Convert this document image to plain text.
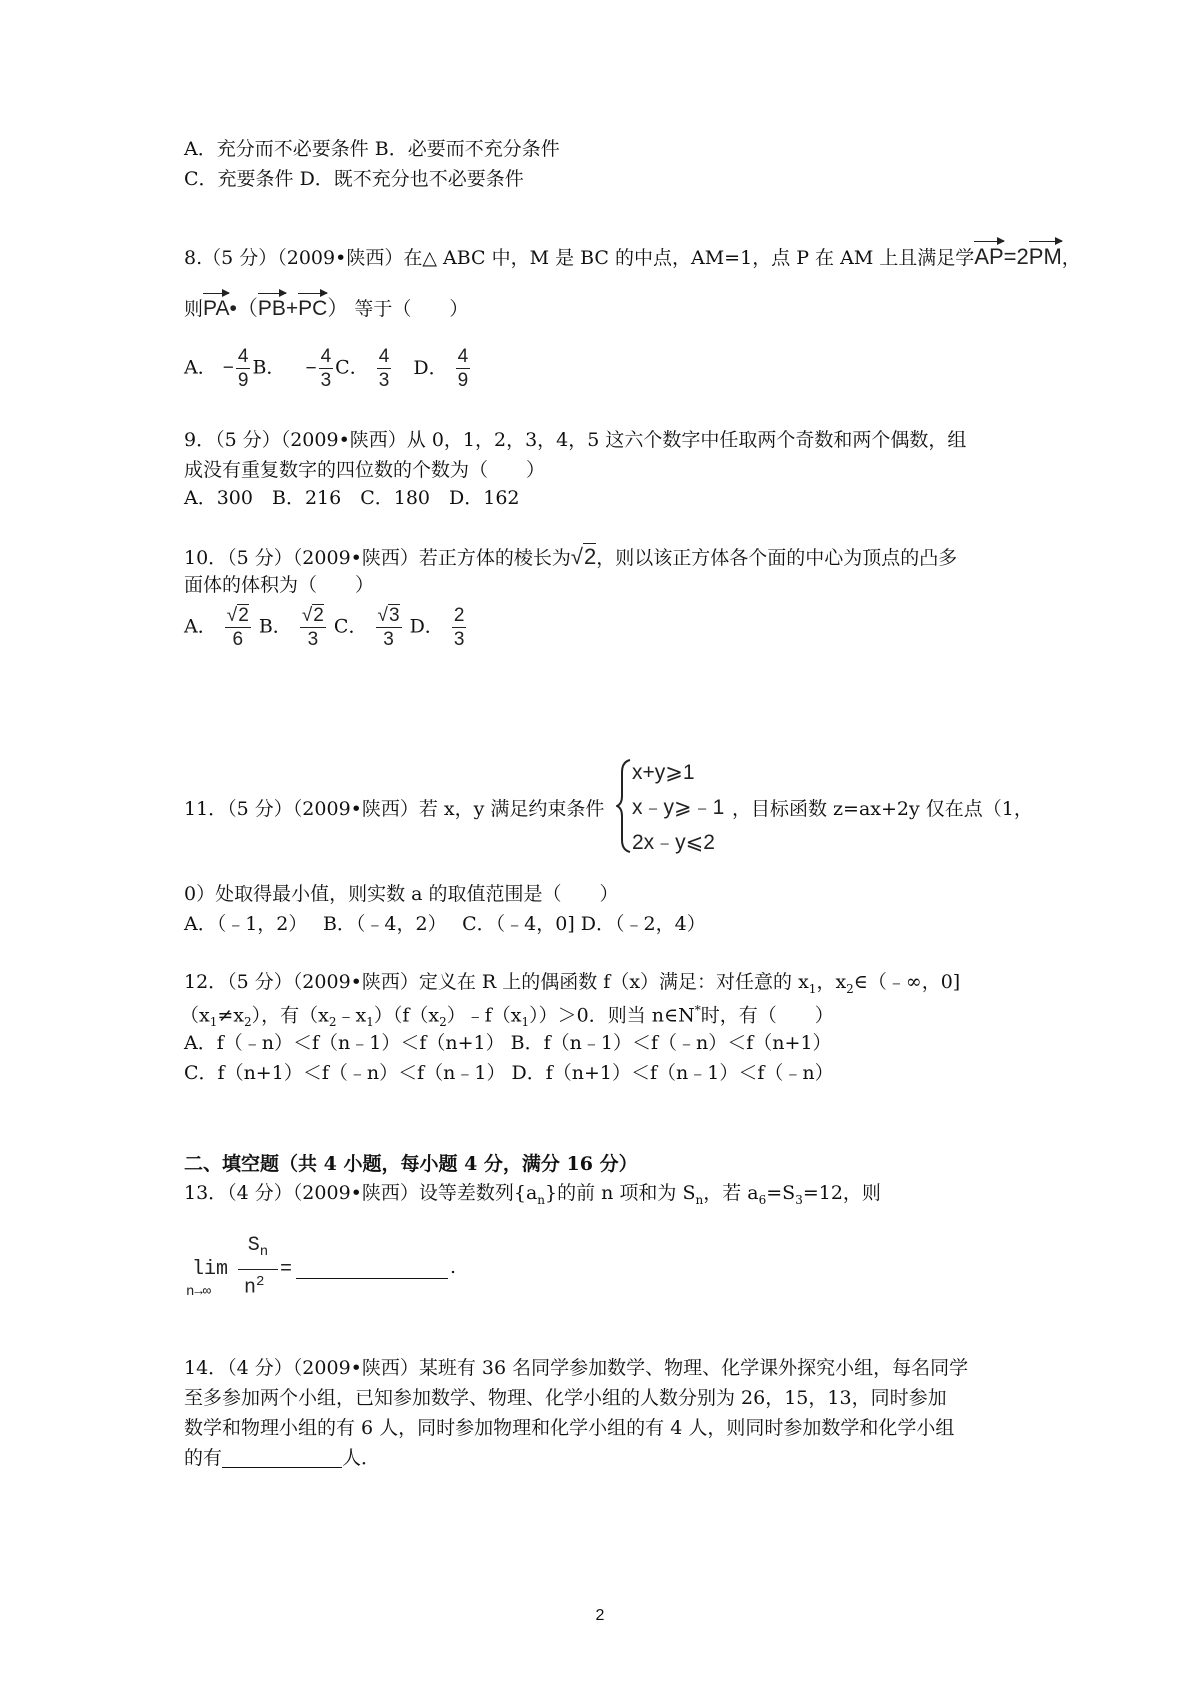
A．充分而不必要条件 B．必要而不充分条件
C．充要条件 D．既不充分也不必要条件
8.（5 分）（2009•陕西）在△ ABC 中，M 是 BC 的中点，AM=1，点 P 在 AM 上且满足学AP=2PM，
则PA•（PB+PC） 等于（　　）
A． − $\frac{4}{9}$ B． − $\frac{4}{3}$ C． $\frac{4}{3}$ D． $\frac{4}{9}$
9．（5 分）（2009•陕西）从 0，1，2，3，4，5 这六个数字中任取两个奇数和两个偶数，组
成没有重复数字的四位数的个数为（　　）
A．300　B．216　C．180　D．162
10．（5 分）（2009•陕西）若正方体的棱长为√2，则以该正方体各个面的中心为顶点的凸多
面体的体积为（　　）
A． $\frac{√2}{6}$ B． $\frac{√2}{3}$ C． $\frac{√3}{3}$ D． $\frac{2}{3}$
11．（5 分）（2009•陕西）若 x，y 满足约束条件
x+y⩾1
x﹣y⩾﹣1
2x﹣y⩽2
，目标函数 z=ax+2y 仅在点（1，
0）处取得最小值，则实数 a 的取值范围是（　　）
A．（﹣1，2）　 B．（﹣4，2）　 C．（﹣4，0] D．（﹣2，4）
12．（5 分）（2009•陕西）定义在 R 上的偶函数 f（x）满足：对任意的 $x_1$，$x_2\in(﹣\infty$，0]
$(x_1\ne x_2)$，有$(x_2﹣x_1)(f(x_2)﹣f(x_1))>0$．则当 n∈N*时，有（　　）
A．f（﹣n）＜f（n﹣1）＜f（n+1） B．f（n﹣1）＜f（﹣n）＜f（n+1）
C．f（n+1）＜f（﹣n）＜f（n﹣1） D．f（n+1）＜f（n﹣1）＜f（﹣n）
二、填空题（共 4 小题，每小题 4 分，满分 16 分）
13．（4 分）（2009•陕西）设等差数列$\{a_n\}$的前 n 项和为 $S_n$，若 $a_6=S_3=12$，则
lim
n→∞
$S_n$
$n^2$
=	.
14．（4 分）（2009•陕西）某班有 36 名同学参加数学、物理、化学课外探究小组，每名同学
至多参加两个小组，已知参加数学、物理、化学小组的人数分别为 26，15，13，同时参加
数学和物理小组的有 6 人，同时参加物理和化学小组的有 4 人，则同时参加数学和化学小组
的有	人．
2
